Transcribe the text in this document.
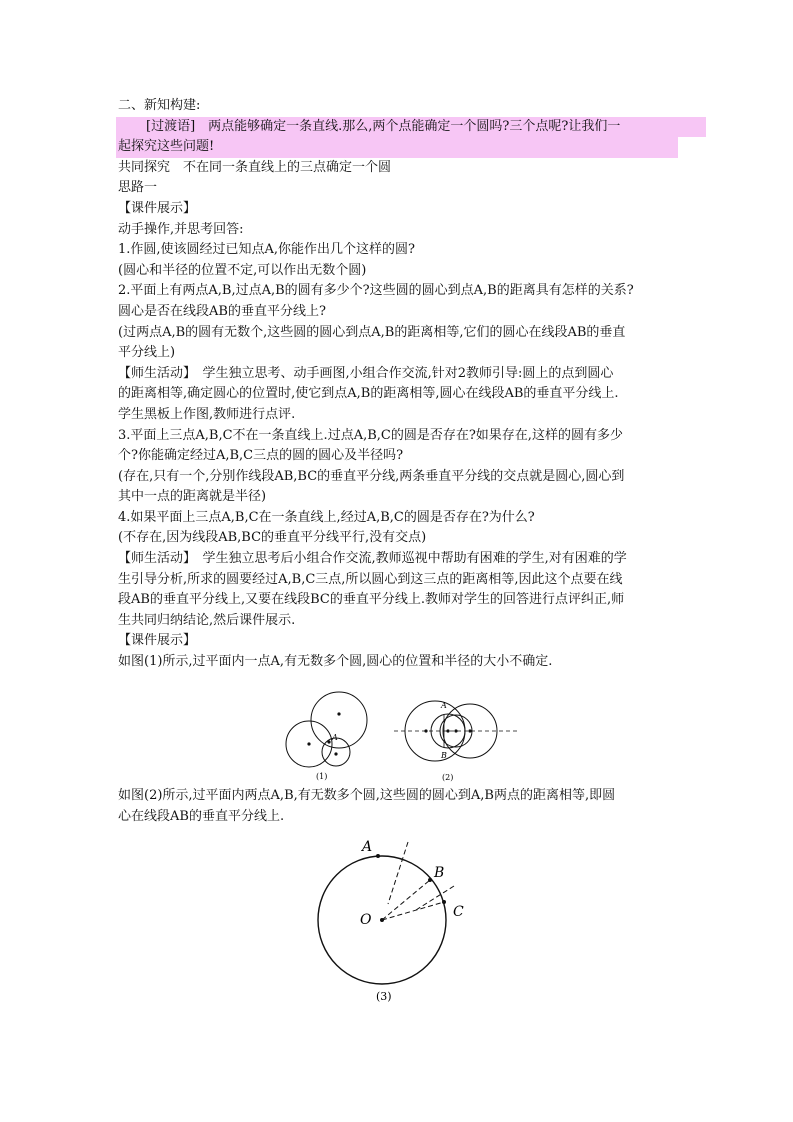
二、新知构建:
[过渡语]　两点能够确定一条直线.那么,两个点能确定一个圆吗?三个点呢?让我们一
起探究这些问题!
共同探究　不在同一条直线上的三点确定一个圆
思路一
【课件展示】
动手操作,并思考回答:
1.作圆,使该圆经过已知点A,你能作出几个这样的圆?
(圆心和半径的位置不定,可以作出无数个圆)
2.平面上有两点A,B,过点A,B的圆有多少个?这些圆的圆心到点A,B的距离具有怎样的关系?
圆心是否在线段AB的垂直平分线上?
(过两点A,B的圆有无数个,这些圆的圆心到点A,B的距离相等,它们的圆心在线段AB的垂直
平分线上)
【师生活动】　学生独立思考、动手画图,小组合作交流,针对2教师引导:圆上的点到圆心
的距离相等,确定圆心的位置时,使它到点A,B的距离相等,圆心在线段AB的垂直平分线上.
学生黑板上作图,教师进行点评.
3.平面上三点A,B,C不在一条直线上.过点A,B,C的圆是否存在?如果存在,这样的圆有多少
个?你能确定经过A,B,C三点的圆的圆心及半径吗?
(存在,只有一个,分别作线段AB,BC的垂直平分线,两条垂直平分线的交点就是圆心,圆心到
其中一点的距离就是半径)
4.如果平面上三点A,B,C在一条直线上,经过A,B,C的圆是否存在?为什么?
(不存在,因为线段AB,BC的垂直平分线平行,没有交点)
【师生活动】　学生独立思考后小组合作交流,教师巡视中帮助有困难的学生,对有困难的学
生引导分析,所求的圆要经过A,B,C三点,所以圆心到这三点的距离相等,因此这个点要在线
段AB的垂直平分线上,又要在线段BC的垂直平分线上.教师对学生的回答进行点评纠正,师
生共同归纳结论,然后课件展示.
【课件展示】
如图(1)所示,过平面内一点A,有无数多个圆,圆心的位置和半径的大小不确定.
A
(1)
A
B
(2)
如图(2)所示,过平面内两点A,B,有无数多个圆,这些圆的圆心到A,B两点的距离相等,即圆
心在线段AB的垂直平分线上.
A
B
C
O
(3)
